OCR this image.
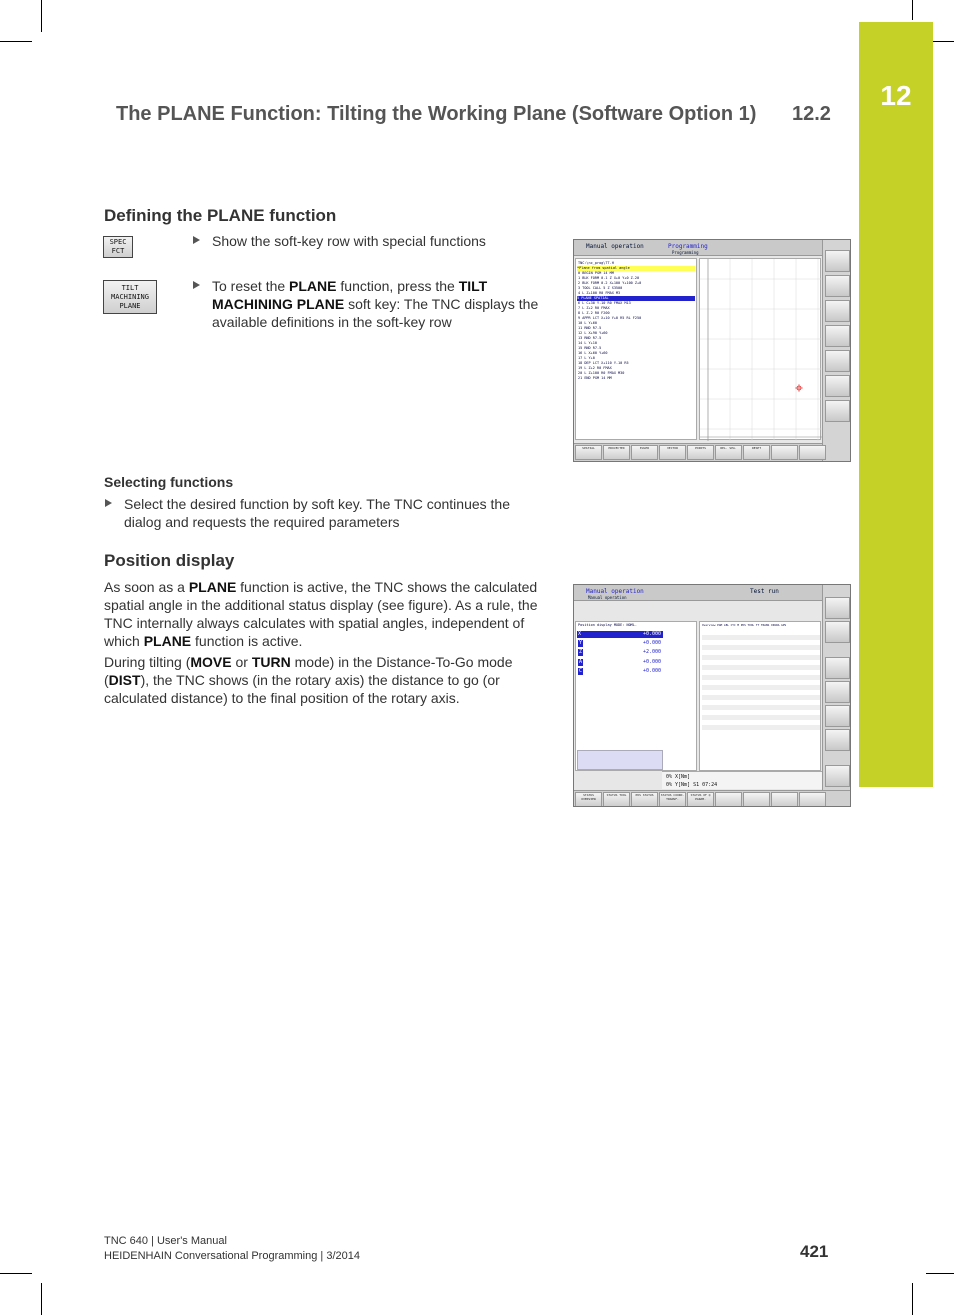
12
The PLANE Function: Tilting the Working Plane (Software Option 1) 12.2
Defining the PLANE function
SPEC
FCT
Show the soft-key row with special functions
TILT
MACHINING
PLANE
To reset the PLANE function, press the TILT MACHINING PLANE soft key: The TNC displays the available definitions in the soft-key row
Manual operation	Programming
Programming
TNC:\nc_prog\TT.H
*Plane from spatial angle
0 BEGIN PGM 14 MM
1 BLK FORM 0.1 Z X+0 Y+0 Z-20
2 BLK FORM 0.2 X+100 Y+100 Z+0
3 TOOL CALL 5 Z S3500
4 L Z+100 R0 FMAX M3
5 PLANE SPATIAL
6 L C+30 Y-10 R0 FMAX M13
7 L Z+2 R0 FMAX
8 L Z-2 R0 F200
9 APPR LCT X+10 Y+0 R5 RL F250
10 L Y+60
11 RND R7.5
12 L X+90 Y+60
13 RND R7.5
14 L Y+10
15 RND R7.5
16 L X+60 Y+60
17 L Y+0
18 DEP LCT X+110 Y-10 R5
19 L Z+2 R0 FMAX
20 L Z+100 R0 FMAX M30
21 END PGM 14 MM
SPATIAL	PROJECTED	EULER	VECTOR	POINTS	REL. SPA.	RESET
Selecting functions
Select the desired function by soft key. The TNC continues the dialog and requests the required parameters
Position display
As soon as a PLANE function is active, the TNC shows the calculated spatial angle in the additional status display (see figure). As a rule, the TNC internally always calculates with spatial angles, independent of which PLANE function is active.
During tilting (MOVE or TURN mode) in the Distance-To-Go mode (DIST), the TNC shows (in the rotary axis) the distance to go (or calculated distance) to the final position of the rotary axis.
Manual operation
Manual operation
Test run
Position display MODE: NOML.
X	+0.000
Y	+0.000
Z	+2.000
A	+0.000
C	+0.000
Overview PGM LBL CYC M POS TOOL TT TRANS OPARA GPS
0% X[Nm]
0% Y[Nm] S1 07:24
STATUS OVERVIEW
STATUS TOOL	POS STATUS	STATUS COORD. TRANSF.
STATUS OF Q PARAM.
TNC 640 | User's Manual
HEIDENHAIN Conversational Programming | 3/2014	421
